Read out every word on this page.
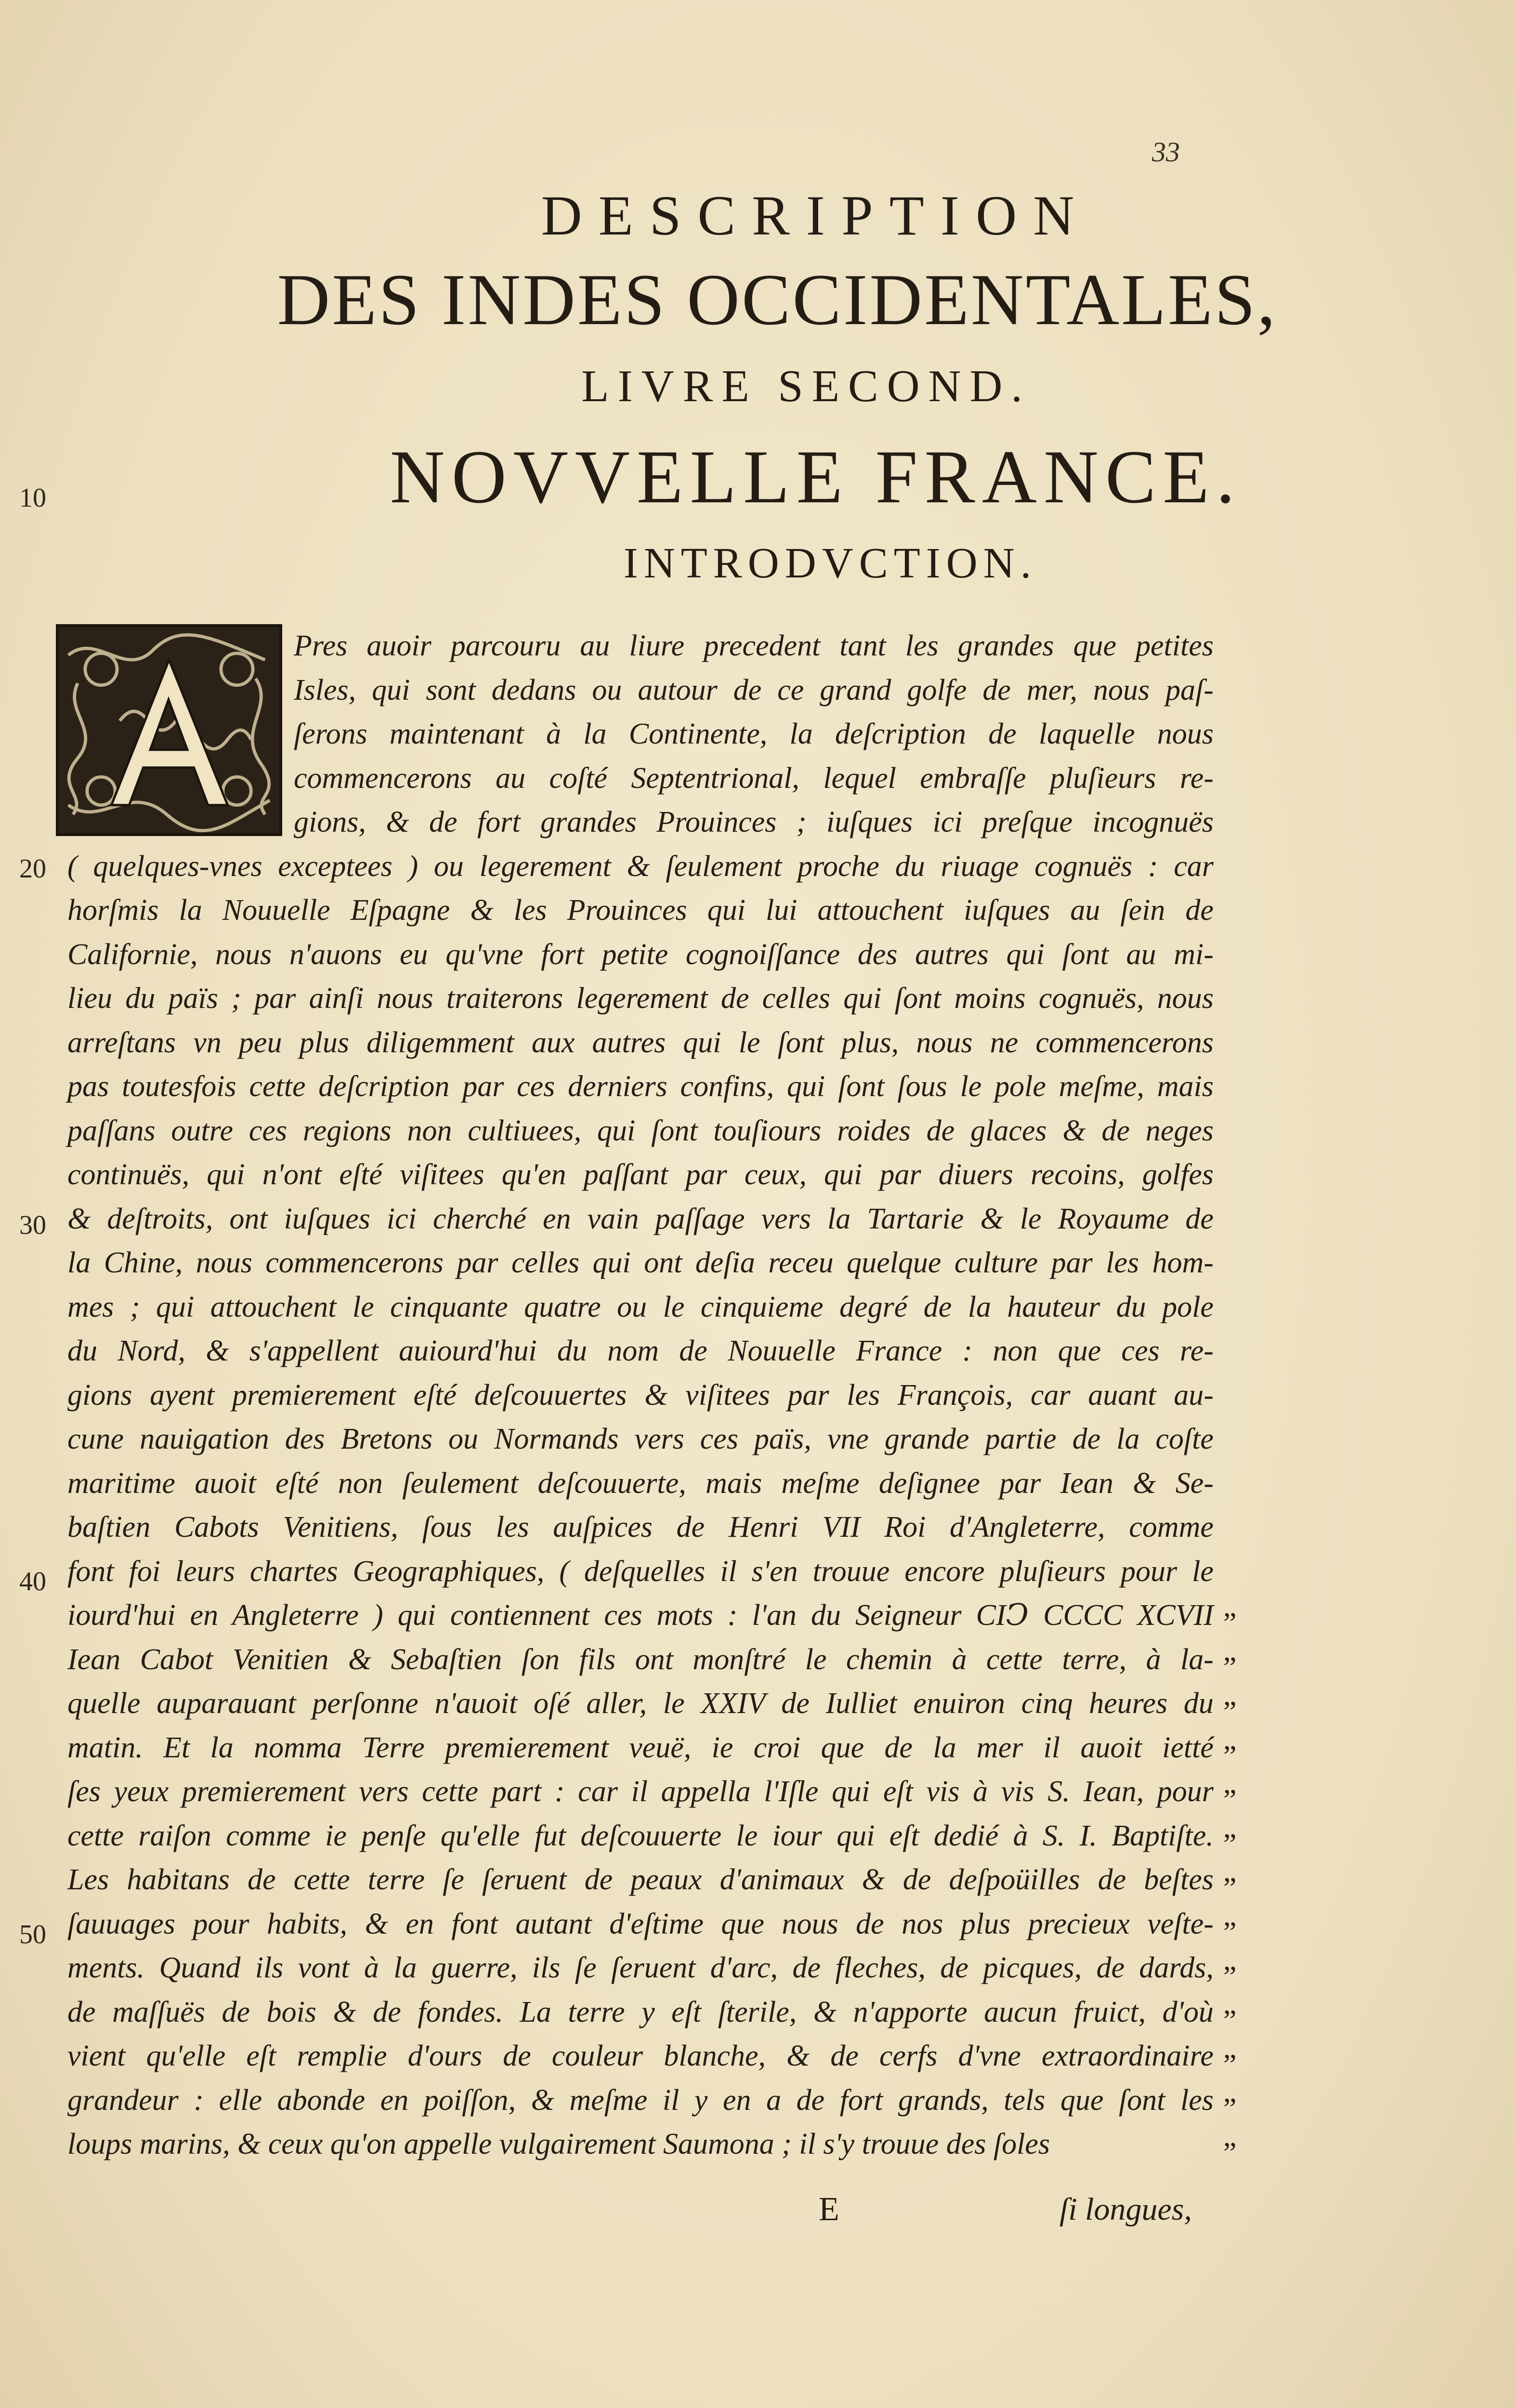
33
DESCRIPTION
DES INDES OCCIDENTALES,
LIVRE SECOND.
NOVVELLE FRANCE.
INTRODVCTION.
10
20
30
40
50
Pres auoir parcouru au liure precedent tant les grandes que petites
Isles, qui sont dedans ou autour de ce grand golfe de mer, nous paſ-
ſerons maintenant à la Continente, la deſcription de laquelle nous
commencerons au coſté Septentrional, lequel embraſſe pluſieurs re-
gions, & de fort grandes Prouinces ; iuſques ici preſque incognuës
( quelques-vnes exceptees ) ou legerement & ſeulement proche du riuage cognuës : car
horſmis la Nouuelle Eſpagne & les Prouinces qui lui attouchent iuſques au ſein de
Californie, nous n'auons eu qu'vne fort petite cognoiſſance des autres qui ſont au mi-
lieu du païs ; par ainſi nous traiterons legerement de celles qui ſont moins cognuës, nous
arreſtans vn peu plus diligemment aux autres qui le ſont plus, nous ne commencerons
pas toutesfois cette deſcription par ces derniers confins, qui ſont ſous le pole meſme, mais
paſſans outre ces regions non cultiuees, qui ſont touſiours roides de glaces & de neges
continuës, qui n'ont eſté viſitees qu'en paſſant par ceux, qui par diuers recoins, golfes
& deſtroits, ont iuſques ici cherché en vain paſſage vers la Tartarie & le Royaume de
la Chine, nous commencerons par celles qui ont deſia receu quelque culture par les hom-
mes ; qui attouchent le cinquante quatre ou le cinquieme degré de la hauteur du pole
du Nord, & s'appellent auiourd'hui du nom de Nouuelle France : non que ces re-
gions ayent premierement eſté deſcouuertes & viſitees par les François, car auant au-
cune nauigation des Bretons ou Normands vers ces païs, vne grande partie de la coſte
maritime auoit eſté non ſeulement deſcouuerte, mais meſme deſignee par Iean & Se-
baſtien Cabots Venitiens, ſous les auſpices de Henri VII Roi d'Angleterre, comme
font foi leurs chartes Geographiques, ( deſquelles il s'en trouue encore pluſieurs pour le
iourd'hui en Angleterre ) qui contiennent ces mots : l'an du Seigneur CIↃ CCCC XCVII
Iean Cabot Venitien & Sebaſtien ſon fils ont monſtré le chemin à cette terre, à la-
quelle auparauant perſonne n'auoit oſé aller, le XXIV de Iulliet enuiron cinq heures du
matin. Et la nomma Terre premierement veuë, ie croi que de la mer il auoit ietté
ſes yeux premierement vers cette part : car il appella l'Iſle qui eſt vis à vis S. Iean, pour
cette raiſon comme ie penſe qu'elle fut deſcouuerte le iour qui eſt dedié à S. I. Baptiſte.
Les habitans de cette terre ſe ſeruent de peaux d'animaux & de deſpoüilles de beſtes
ſauuages pour habits, & en font autant d'eſtime que nous de nos plus precieux veſte-
ments. Quand ils vont à la guerre, ils ſe ſeruent d'arc, de fleches, de picques, de dards,
de maſſuës de bois & de fondes. La terre y eſt ſterile, & n'apporte aucun fruict, d'où
vient qu'elle eſt remplie d'ours de couleur blanche, & de cerfs d'vne extraordinaire
grandeur : elle abonde en poiſſon, & meſme il y en a de fort grands, tels que ſont les
loups marins, & ceux qu'on appelle vulgairement Saumona ; il s'y trouue des ſoles
”
”
”
”
”
”
”
”
”
”
”
”
”
E	ſi longues,
